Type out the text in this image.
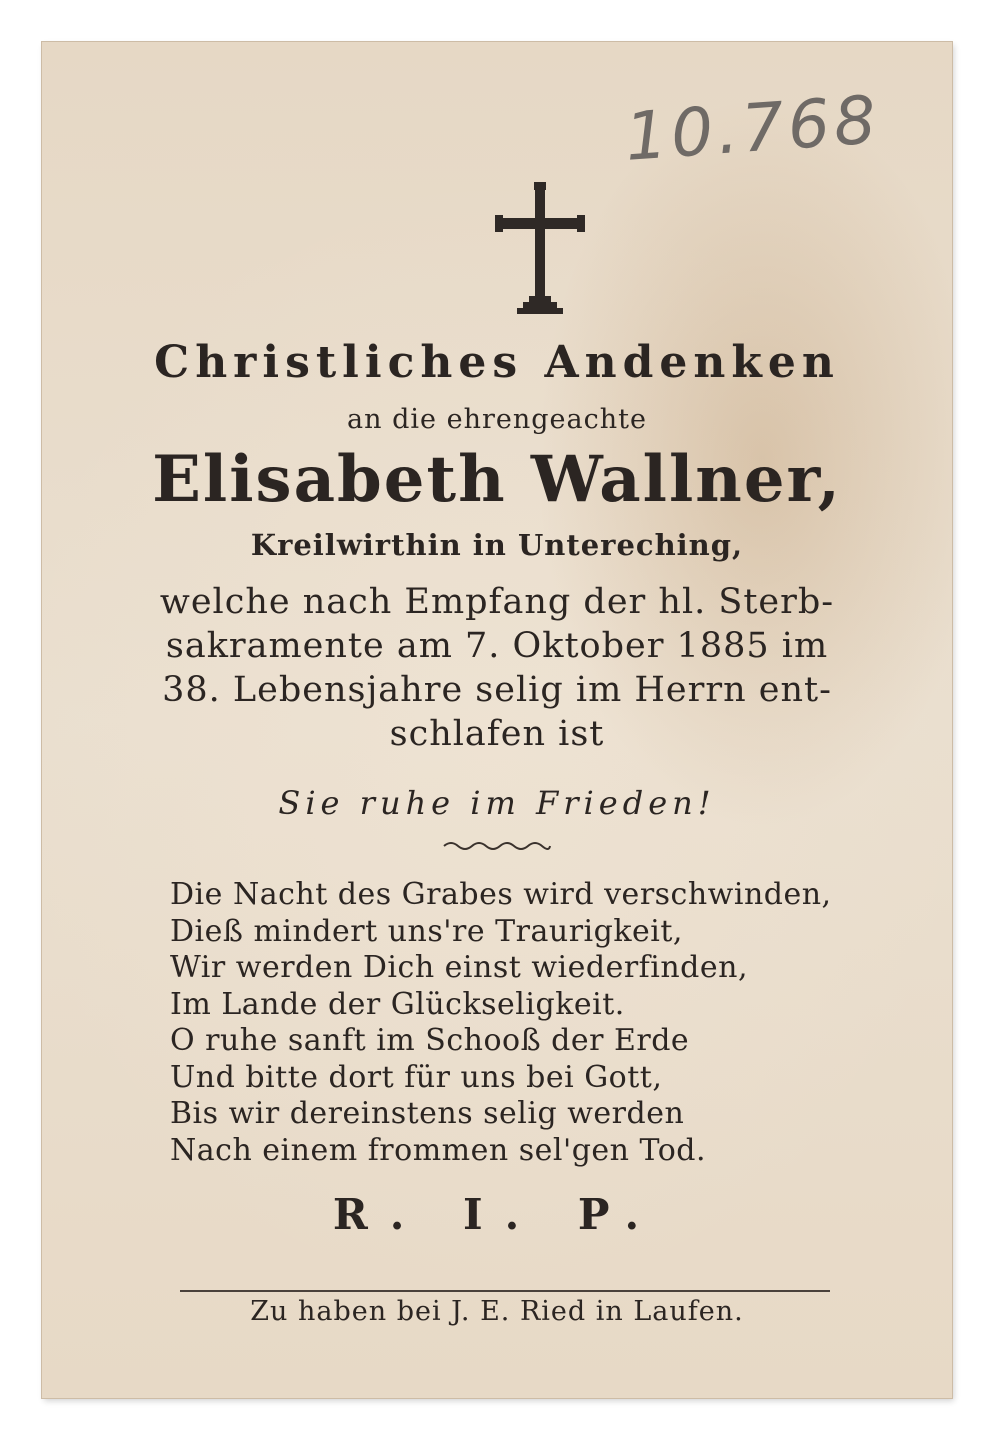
10.768
Christliches Andenken
an die ehrengeachte
Elisabeth Wallner,
Kreilwirthin in Untereching,
welche nach Empfang der hl. Sterb-
sakramente am 7. Oktober 1885 im
38. Lebensjahre selig im Herrn ent-
schlafen ist
Sie ruhe im Frieden!
Die Nacht des Grabes wird verschwinden,
Dieß mindert uns're Traurigkeit,
Wir werden Dich einst wiederfinden,
Im Lande der Glückseligkeit.
O ruhe sanft im Schooß der Erde
Und bitte dort für uns bei Gott,
Bis wir dereinstens selig werden
Nach einem frommen sel'gen Tod.
R. I. P.
Zu haben bei J. E. Ried in Laufen.
